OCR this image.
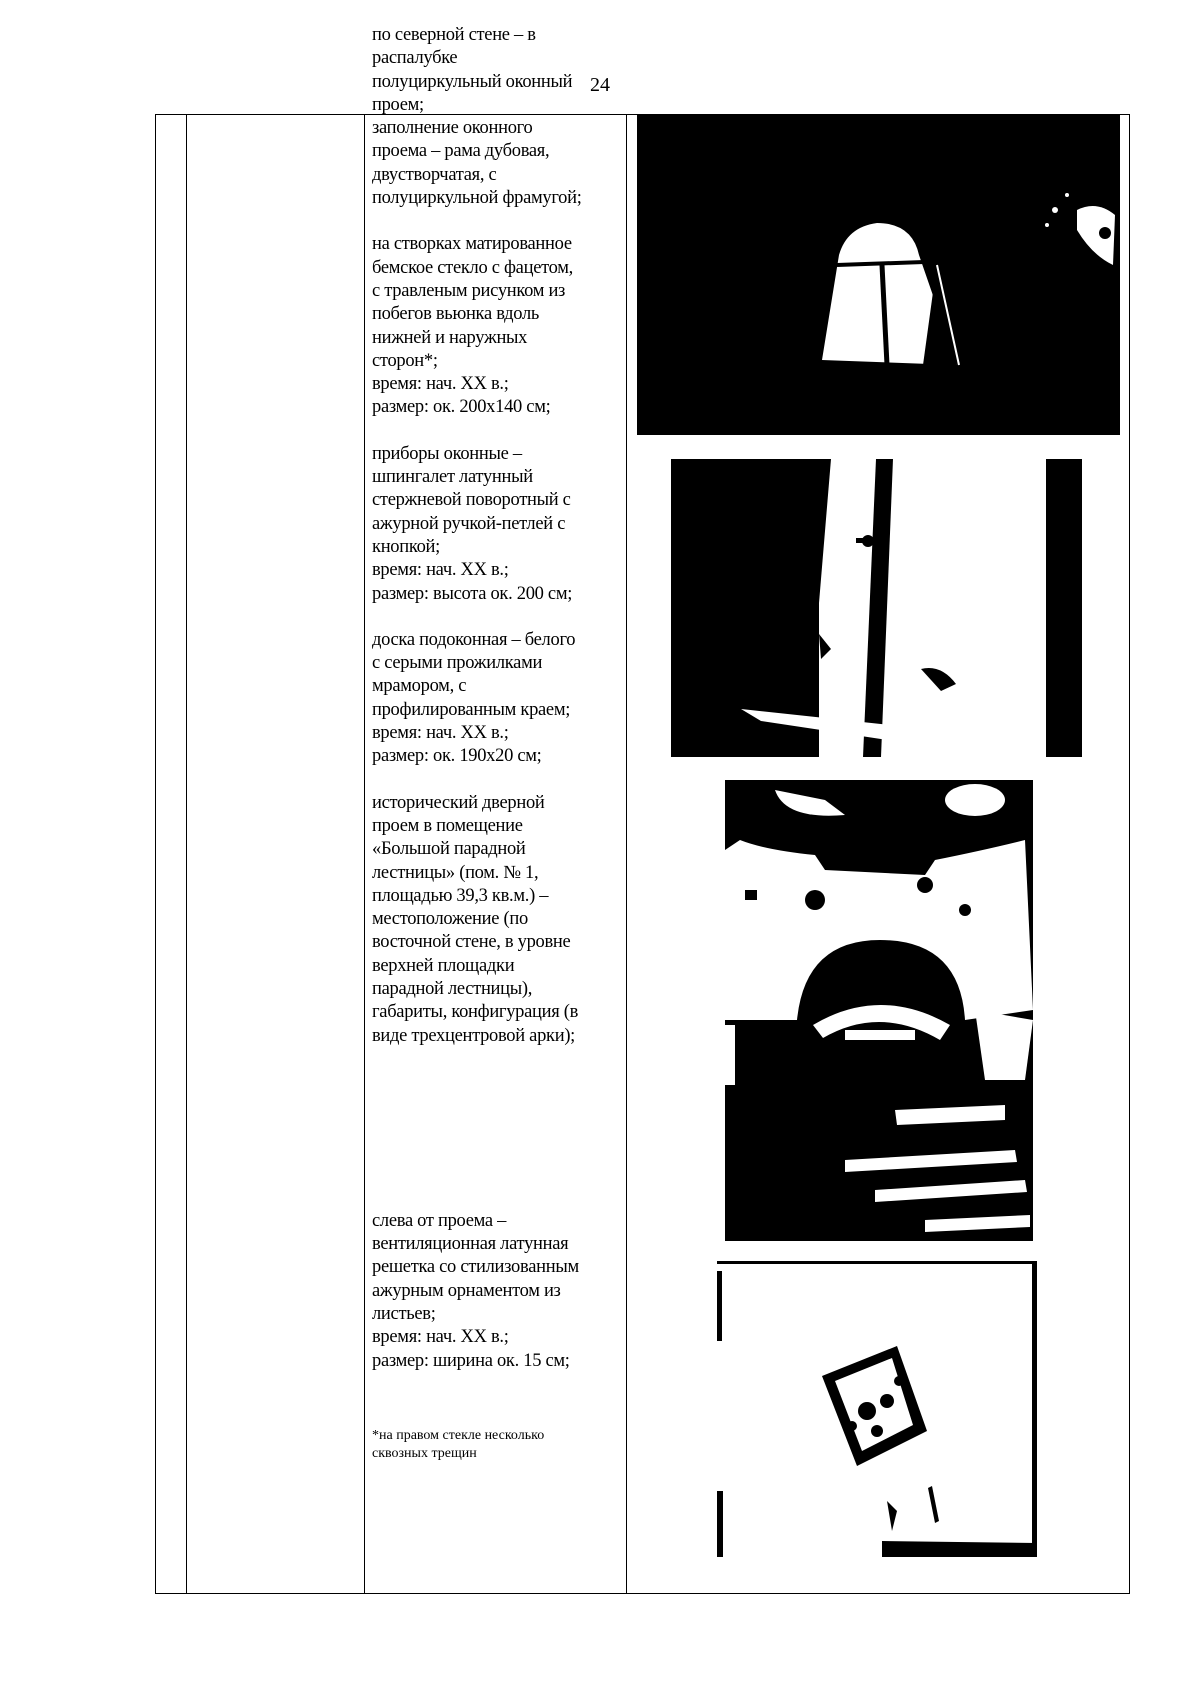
24

по северной стене – в
распалубке
полуциркульный оконный
проем;
заполнение оконного
проема – рама дубовая,
двустворчатая, с
полуциркульной фрамугой;

на створках матированное
бемское стекло с фацетом,
с травленым рисунком из
побегов вьюнка вдоль
нижней и наружных
сторон*;
время: нач. XX в.;
размер: ок. 200х140 см;

приборы оконные –
шпингалет латунный
стержневой поворотный с
ажурной ручкой-петлей с
кнопкой;
время: нач. XX в.;
размер: высота ок. 200 см;

доска подоконная – белого
с серыми прожилками
мрамором, с
профилированным краем;
время: нач. XX в.;
размер: ок. 190х20 см;

исторический дверной
проем в помещение
«Большой парадной
лестницы» (пом. № 1,
площадью 39,3 кв.м.) –
местоположение (по
восточной стене, в уровне
верхней площадки
парадной лестницы),
габариты, конфигурация (в
виде трехцентровой арки);

слева от проема –
вентиляционная латунная
решетка со стилизованным
ажурным орнаментом из
листьев;
время: нач. XX в.;
размер: ширина ок. 15 см;

*на правом стекле несколько
сквозных трещин
